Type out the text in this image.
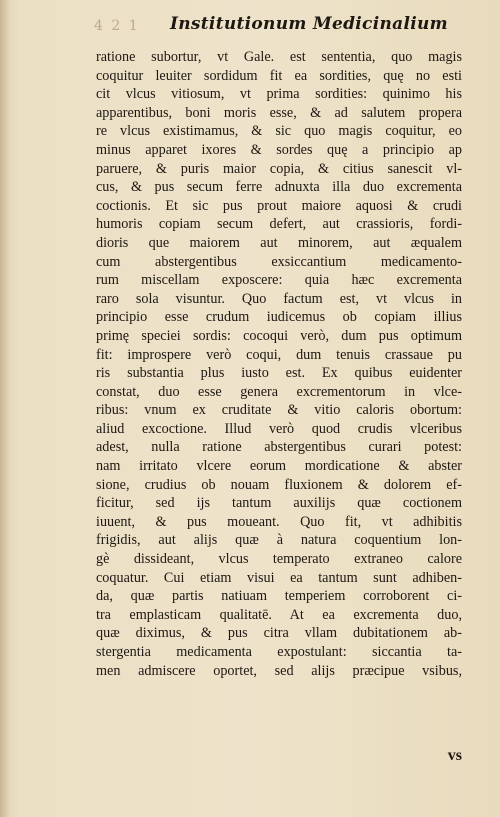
4 2 1 Institutionum Medicinalium
ratione subortur, vt Gale. est sententia, quo magis
coquitur leuiter sordidum fit ea sordities, quę no esti
cit vlcus vitiosum, vt prima sordities: quinimo his
apparentibus, boni moris esse, & ad salutem propera
re vlcus existimamus, & sic quo magis coquitur, eo
minus apparet ixores & sordes quę a principio ap
paruere, & puris maior copia, & citius sanescit vl-
cus, & pus secum ferre adnuxta illa duo excrementa
coctionis. Et sic pus prout maiore aquosi & crudi
humoris copiam secum defert, aut crassioris, fordi-
dioris que maiorem aut minorem, aut æqualem
cum abstergentibus exsiccantium medicamento-
rum miscellam exposcere: quia hæc excrementa
raro sola visuntur. Quo factum est, vt vlcus in
principio esse crudum iudicemus ob copiam illius
primę speciei sordis: cocoqui verò, dum pus optimum
fit: improspere verò coqui, dum tenuis crassaue pu
ris substantia plus iusto est. Ex quibus euidenter
constat, duo esse genera excrementorum in vlce-
ribus: vnum ex cruditate & vitio caloris obortum:
aliud excoctione. Illud verò quod crudis vlceribus
adest, nulla ratione abstergentibus curari potest:
nam irritato vlcere eorum mordicatione & abster
sione, crudius ob nouam fluxionem & dolorem ef-
ficitur, sed ijs tantum auxilijs quæ coctionem
iuuent, & pus moueant. Quo fit, vt adhibitis
frigidis, aut alijs quæ à natura coquentium lon-
gè dissideant, vlcus temperato extraneo calore
coquatur. Cui etiam visui ea tantum sunt adhiben-
da, quæ partis natiuam temperiem corroborent ci-
tra emplasticam qualitatē. At ea excrementa duo,
quæ diximus, & pus citra vllam dubitationem ab-
stergentia medicamenta expostulant: siccantia ta-
men admiscere oportet, sed alijs præcipue vsibus,
vs
